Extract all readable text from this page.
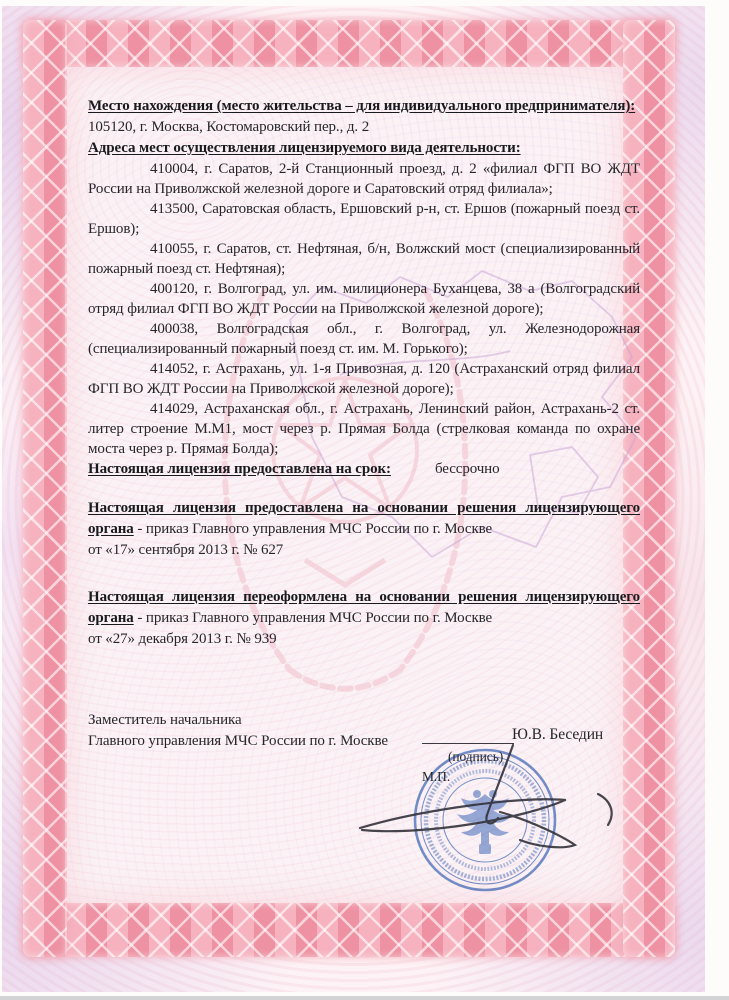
Место нахождения (место жительства – для индивидуального предпринимателя):

105120, г. Москва, Костомаровский пер., д. 2

Адреса мест осуществления лицензируемого вида деятельности:

410004, г. Саратов, 2-й Станционный проезд, д. 2 «филиал ФГП ВО ЖДТ России на Приволжской железной дороге и Саратовский отряд филиала»;

413500, Саратовская область, Ершовский р-н, ст. Ершов (пожарный поезд ст. Ершов);

410055, г. Саратов, ст. Нефтяная, б/н, Волжский мост (специализированный пожарный поезд ст. Нефтяная);

400120, г. Волгоград, ул. им. милиционера Буханцева, 38 а (Волгоградский отряд филиал ФГП ВО ЖДТ России на Приволжской железной дороге);

400038, Волгоградская обл., г. Волгоград, ул. Железнодорожная (специализированный пожарный поезд ст. им. М. Горького);

414052, г. Астрахань, ул. 1-я Привозная, д. 120 (Астраханский отряд филиал ФГП ВО ЖДТ России на Приволжской железной дороге);

414029, Астраханская обл., г. Астрахань, Ленинский район, Астрахань-2 ст. литер строение М.М1, мост через р. Прямая Болда (стрелковая команда по охране моста через р. Прямая Болда);

Настоящая лицензия предоставлена на срок:	бессрочно

Настоящая лицензия предоставлена на основании решения лицензирующего органа - приказ Главного управления МЧС России по г. Москве

от «17» сентября 2013 г. № 627

Настоящая лицензия переоформлена на основании решения лицензирующего органа - приказ Главного управления МЧС России по г. Москве

от «27» декабря 2013 г. № 939

Заместитель начальника

Главного управления МЧС России по г. Москве

(подпись)
М.П.
Ю.В. Беседин
